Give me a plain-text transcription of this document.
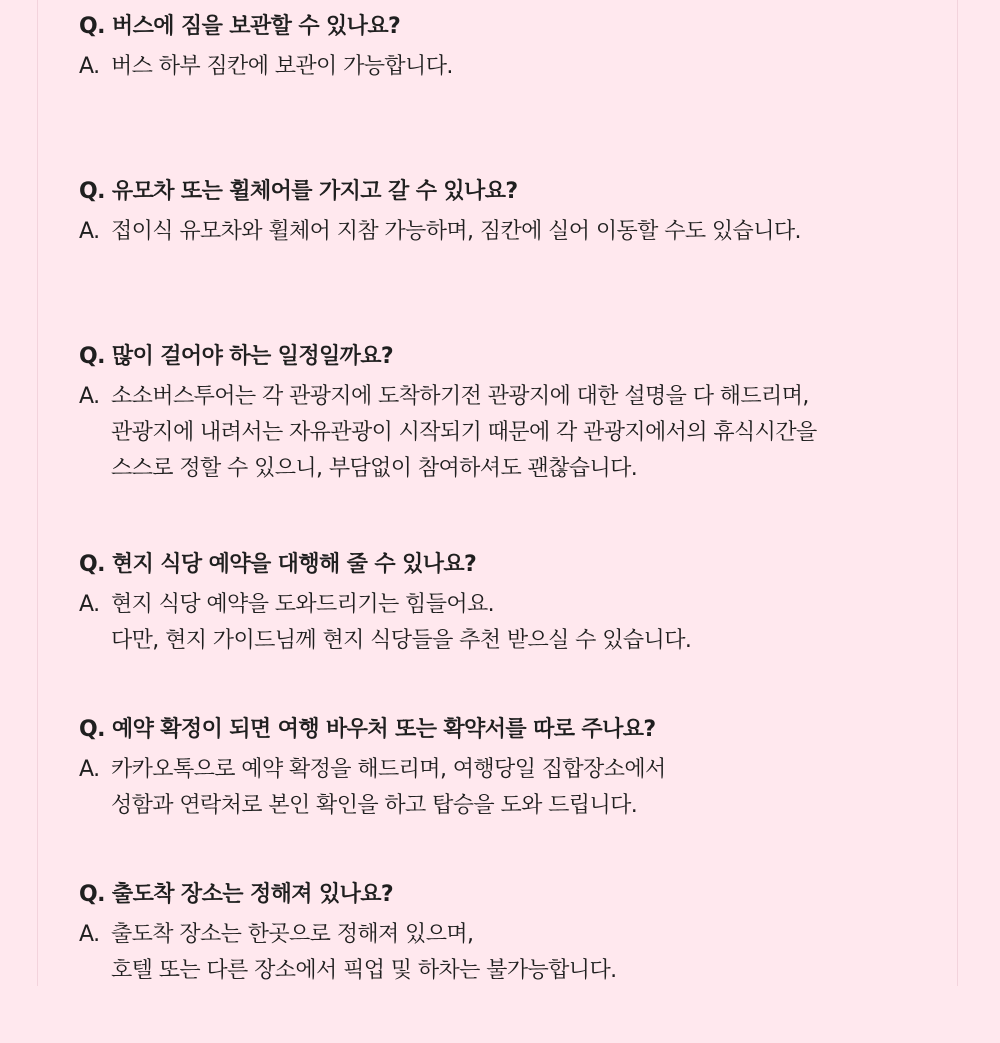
Q. 버스에 짐을 보관할 수 있나요?
A. 버스 하부 짐칸에 보관이 가능합니다.
Q. 유모차 또는 휠체어를 가지고 갈 수 있나요?
A. 접이식 유모차와 휠체어 지참 가능하며, 짐칸에 실어 이동할 수도 있습니다.
Q. 많이 걸어야 하는 일정일까요?
A. 소소버스투어는 각 관광지에 도착하기전 관광지에 대한 설명을 다 해드리며,
관광지에 내려서는 자유관광이 시작되기 때문에 각 관광지에서의 휴식시간을
스스로 정할 수 있으니, 부담없이 참여하셔도 괜찮습니다.
Q. 현지 식당 예약을 대행해 줄 수 있나요?
A. 현지 식당 예약을 도와드리기는 힘들어요.
다만, 현지 가이드님께 현지 식당들을 추천 받으실 수 있습니다.
Q. 예약 확정이 되면 여행 바우처 또는 확약서를 따로 주나요?
A. 카카오톡으로 예약 확정을 해드리며, 여행당일 집합장소에서
성함과 연락처로 본인 확인을 하고 탑승을 도와 드립니다.
Q. 출도착 장소는 정해져 있나요?
A. 출도착 장소는 한곳으로 정해져 있으며,
호텔 또는 다른 장소에서 픽업 및 하차는 불가능합니다.
